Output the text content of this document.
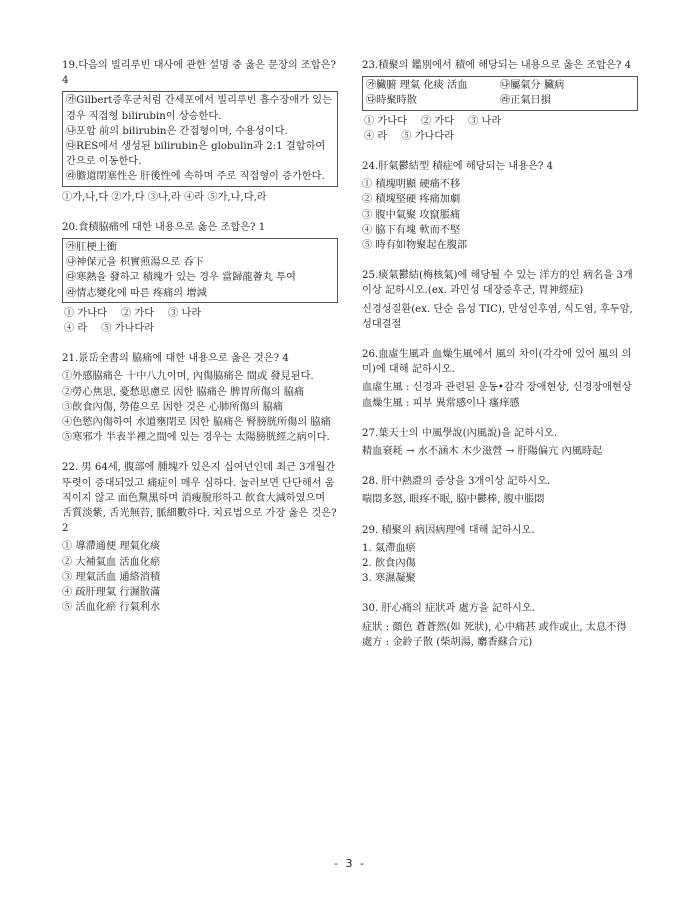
19.다음의 빌리루빈 대사에 관한 설명 중 옳은 문장의 조합은? 4

㉮Gilbert증후군처럼 간세포에서 빌리루빈 흡수장애가 있는 경우 직접형 bilirubin이 상승한다.

㉯포합 前의 bilirubin은 간접형이며, 수용성이다.

㉰RES에서 생성된 bilirubin은 globulin과 2:1 결합하여 간으로 이동한다.

㉱膽道閉塞性은 肝後性에 속하며 주로 직접형이 증가한다.

①가,나,다 ②가,다 ③나,라 ④라 ⑤가,나,다,라

20.食積脇痛에 대한 내용으로 옳은 조합은? 1

㉮肛梗上衝

㉯神保元을 枳實煎湯으로 呑下

㉰寒熱을 發하고 積塊가 있는 경우 當歸龍薈丸 투여

㉱情志變化에 따른 疼痛의 增減

① 가나다 ② 가다 ③ 나라
④ 라 ⑤ 가나다라

21.景岳全書의 脇痛에 대한 내용으로 옳은 것은? 4

①外感脇痛은 十中八九이며, 內傷脇痛은 間或 發見된다.

②勞心焦思, 憂愁思慮로 因한 脇痛은 脾胃所傷의 脇痛

③飮食內傷, 勞倦으로 因한 것은 心肺所傷의 脇痛

④色慾內傷하여 水道壅閉로 因한 脇痛은 腎膀胱所傷의 脇痛

⑤寒邪가 半表半裡之間에 있는 경우는 太陽膀胱經之病이다.

22. 男 64세, 腹部에 腫塊가 있은지 십여년인데 최근 3개월간 뚜렷이 증대되었고 痛症이 매우 심하다. 눌러보면 단단해서 움직이지 않고 面色黧黑하며 消瘦脫形하고 飮食大減하였으며 舌質淡紫, 舌光無苔, 脈細數하다. 치료법으로 가장 옳은 것은? 2

① 導滯通便 理氣化痰

② 大補氣血 活血化瘀

③ 理氣活血 通絡消積

④ 疏肝理氣 行濕散滿

⑤ 活血化瘀 行氣利水

23.積聚의 鑑別에서 積에 해당되는 내용으로 옳은 조합은? 4

㉮臟腑 理氣 化痰 活血	㉯屬氣分 臟病
㉰時聚時散	㉱正氣日損
① 가나다 ② 가다 ③ 나라
④ 라 ⑤ 가나다라

24.肝氣鬱結型 積症에 해당되는 내용은? 4

① 積塊明顯 硬痛不移

② 積塊堅硬 疼痛加劇

③ 腹中氣聚 攻竄脹痛

④ 脇下有塊 軟而不堅

⑤ 時有如物聚起在腹部

25.痰氣鬱結(梅核氣)에 해당될 수 있는 洋方的인 病名을 3개 이상 記하시오.(ex. 과민성 대장증후군, 胃神經症)

신경성질환(ex. 단순 음성 TIC), 만성인후염, 식도염, 후두암, 성대결절

26.血虛生風과 血燥生風에서 風의 차이(각각에 있어 風의 의미)에 대해 記하시오.

血虛生風 : 신경과 관련된 운동•감각 장애현상, 신경장애현상

血燥生風 : 피부 異常感이나 瘙痒感

27.葉天士의 中風學說(內風說)을 記하시오.

精血衰耗 → 水不涵木 木少滋營 → 肝陽偏亢 內風時起

28. 肝中熱證의 증상을 3개이상 記하시오.

喘悶多怒, 眼疼不眠, 脇中鬱棒, 腹中脹悶

29. 積聚의 病因病理에 대해 記하시오.

1. 氣滯血瘀

2. 飮食內傷

3. 寒濕凝聚

30. 肝心痛의 症狀과 處方을 記하시오.

症狀 : 顔色 蒼蒼然(如 死狀), 心中痛甚 或作或止, 太息不得

處方 : 金鈴子散 (柴胡湯, 麝香蘇合元)

- 3 -
